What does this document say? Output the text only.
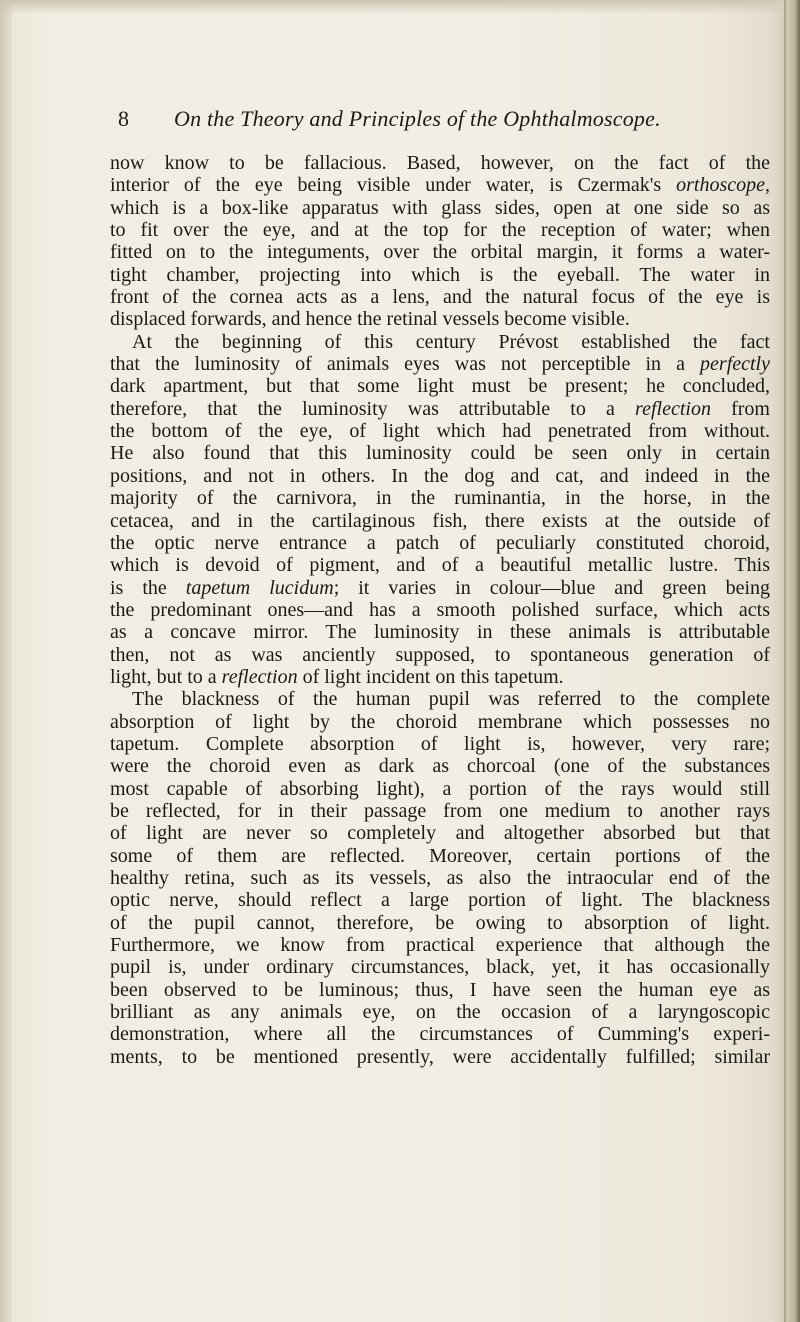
8 On the Theory and Principles of the Ophthalmoscope.
now know to be fallacious. Based, however, on the fact of the
interior of the eye being visible under water, is Czermak's orthoscope,
which is a box-like apparatus with glass sides, open at one side so as
to fit over the eye, and at the top for the reception of water; when
fitted on to the integuments, over the orbital margin, it forms a water-
tight chamber, projecting into which is the eyeball. The water in
front of the cornea acts as a lens, and the natural focus of the eye is
displaced forwards, and hence the retinal vessels become visible.
At the beginning of this century Prévost established the fact
that the luminosity of animals eyes was not perceptible in a perfectly
dark apartment, but that some light must be present; he concluded,
therefore, that the luminosity was attributable to a reflection from
the bottom of the eye, of light which had penetrated from without.
He also found that this luminosity could be seen only in certain
positions, and not in others. In the dog and cat, and indeed in the
majority of the carnivora, in the ruminantia, in the horse, in the
cetacea, and in the cartilaginous fish, there exists at the outside of
the optic nerve entrance a patch of peculiarly constituted choroid,
which is devoid of pigment, and of a beautiful metallic lustre. This
is the tapetum lucidum; it varies in colour—blue and green being
the predominant ones—and has a smooth polished surface, which acts
as a concave mirror. The luminosity in these animals is attributable
then, not as was anciently supposed, to spontaneous generation of
light, but to a reflection of light incident on this tapetum.
The blackness of the human pupil was referred to the complete
absorption of light by the choroid membrane which possesses no
tapetum. Complete absorption of light is, however, very rare;
were the choroid even as dark as chorcoal (one of the substances
most capable of absorbing light), a portion of the rays would still
be reflected, for in their passage from one medium to another rays
of light are never so completely and altogether absorbed but that
some of them are reflected. Moreover, certain portions of the
healthy retina, such as its vessels, as also the intraocular end of the
optic nerve, should reflect a large portion of light. The blackness
of the pupil cannot, therefore, be owing to absorption of light.
Furthermore, we know from practical experience that although the
pupil is, under ordinary circumstances, black, yet, it has occasionally
been observed to be luminous; thus, I have seen the human eye as
brilliant as any animals eye, on the occasion of a laryngoscopic
demonstration, where all the circumstances of Cumming's experi-
ments, to be mentioned presently, were accidentally fulfilled; similar
